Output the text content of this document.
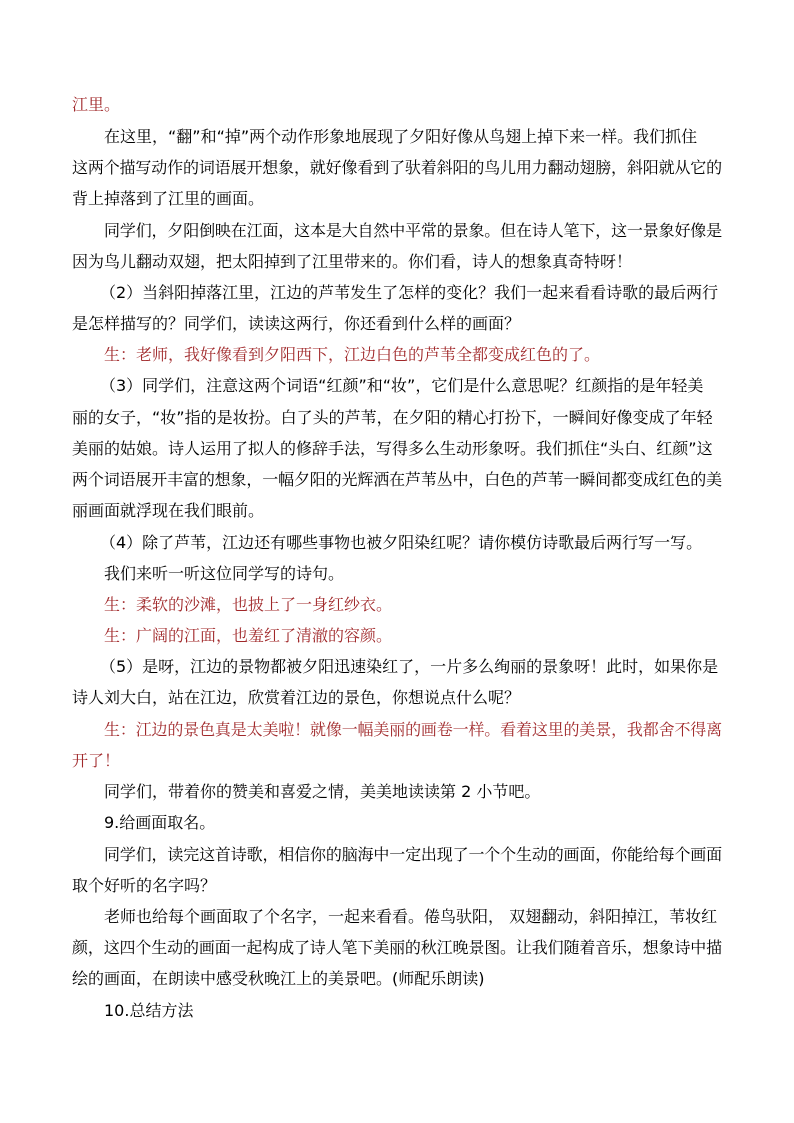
江里。
在这里，“翻”和“掉”两个动作形象地展现了夕阳好像从鸟翅上掉下来一样。我们抓住
这两个描写动作的词语展开想象，就好像看到了驮着斜阳的鸟儿用力翻动翅膀，斜阳就从它的
背上掉落到了江里的画面。
同学们，夕阳倒映在江面，这本是大自然中平常的景象。但在诗人笔下，这一景象好像是
因为鸟儿翻动双翅，把太阳掉到了江里带来的。你们看，诗人的想象真奇特呀！
（2）当斜阳掉落江里，江边的芦苇发生了怎样的变化？我们一起来看看诗歌的最后两行
是怎样描写的？同学们，读读这两行，你还看到什么样的画面？
生：老师，我好像看到夕阳西下，江边白色的芦苇全都变成红色的了。
（3）同学们，注意这两个词语“红颜”和“妆”，它们是什么意思呢？红颜指的是年轻美
丽的女子，“妆”指的是妆扮。白了头的芦苇，在夕阳的精心打扮下，一瞬间好像变成了年轻
美丽的姑娘。诗人运用了拟人的修辞手法，写得多么生动形象呀。我们抓住“头白、红颜”这
两个词语展开丰富的想象，一幅夕阳的光辉洒在芦苇丛中，白色的芦苇一瞬间都变成红色的美
丽画面就浮现在我们眼前。
（4）除了芦苇，江边还有哪些事物也被夕阳染红呢？请你模仿诗歌最后两行写一写。
我们来听一听这位同学写的诗句。
生：柔软的沙滩，也披上了一身红纱衣。
生：广阔的江面，也羞红了清澈的容颜。
（5）是呀，江边的景物都被夕阳迅速染红了，一片多么绚丽的景象呀！此时，如果你是
诗人刘大白，站在江边，欣赏着江边的景色，你想说点什么呢？
生：江边的景色真是太美啦！就像一幅美丽的画卷一样。看着这里的美景，我都舍不得离
开了！
同学们，带着你的赞美和喜爱之情，美美地读读第 2 小节吧。
9.给画面取名。
同学们，读完这首诗歌，相信你的脑海中一定出现了一个个生动的画面，你能给每个画面
取个好听的名字吗？
老师也给每个画面取了个名字，一起来看看。倦鸟驮阳， 双翅翻动，斜阳掉江，苇妆红
颜，这四个生动的画面一起构成了诗人笔下美丽的秋江晚景图。让我们随着音乐，想象诗中描
绘的画面，在朗读中感受秋晚江上的美景吧。(师配乐朗读)
10.总结方法
